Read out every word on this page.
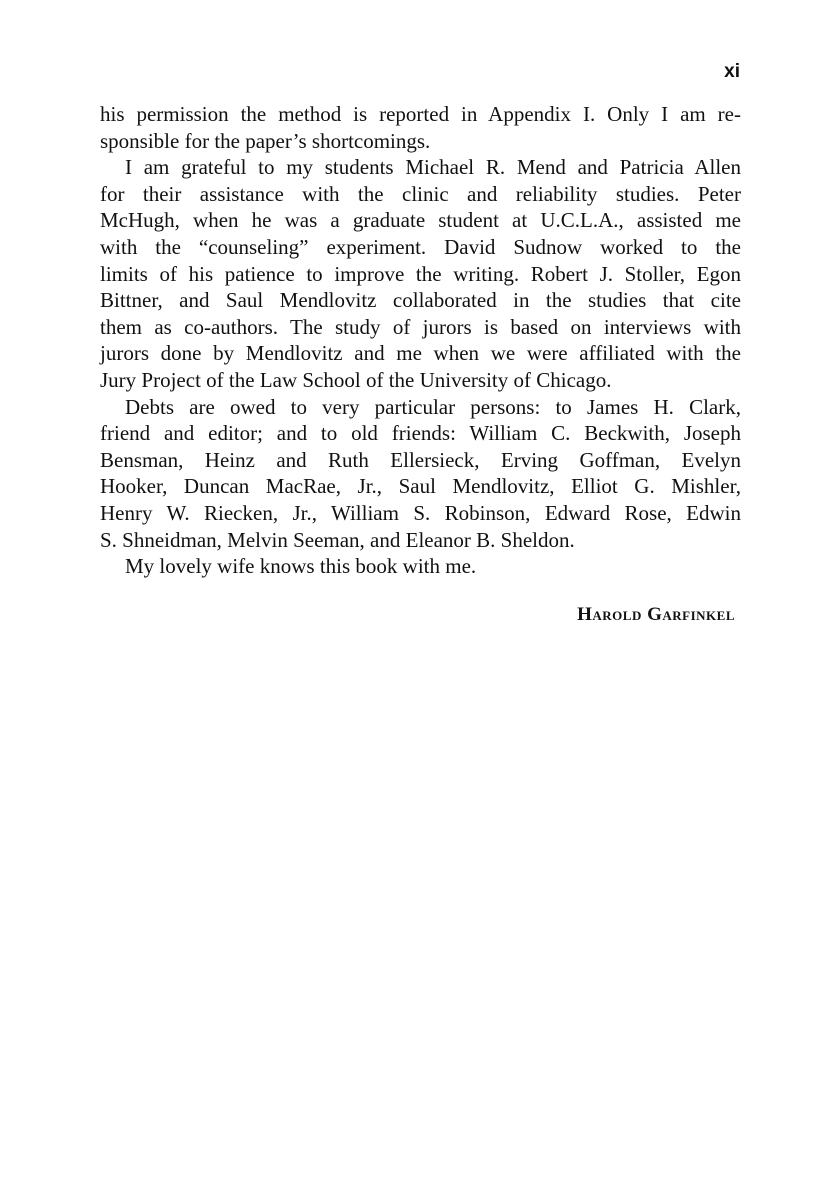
xi

his permission the method is reported in Appendix I. Only I am re-
sponsible for the paper’s shortcomings.

I am grateful to my students Michael R. Mend and Patricia Allen
for their assistance with the clinic and reliability studies. Peter
McHugh, when he was a graduate student at U.C.L.A., assisted me
with the “counseling” experiment. David Sudnow worked to the
limits of his patience to improve the writing. Robert J. Stoller, Egon
Bittner, and Saul Mendlovitz collaborated in the studies that cite
them as co-authors. The study of jurors is based on interviews with
jurors done by Mendlovitz and me when we were affiliated with the
Jury Project of the Law School of the University of Chicago.

Debts are owed to very particular persons: to James H. Clark,
friend and editor; and to old friends: William C. Beckwith, Joseph
Bensman, Heinz and Ruth Ellersieck, Erving Goffman, Evelyn
Hooker, Duncan MacRae, Jr., Saul Mendlovitz, Elliot G. Mishler,
Henry W. Riecken, Jr., William S. Robinson, Edward Rose, Edwin
S. Shneidman, Melvin Seeman, and Eleanor B. Sheldon.

My lovely wife knows this book with me.

Harold Garfinkel
